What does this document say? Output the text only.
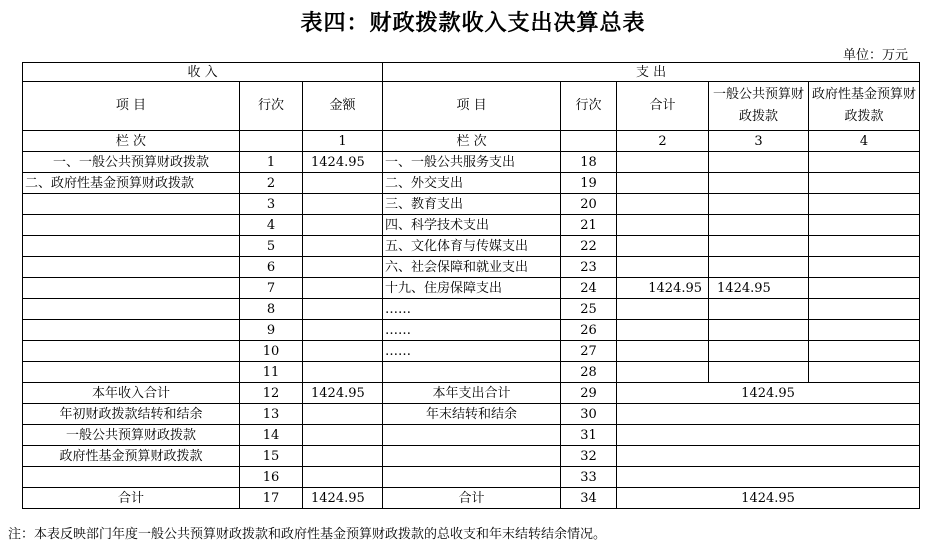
表四：财政拨款收入支出决算总表
单位：万元
收 入			支 出				
项 目	行次	金额	项 目	行次	合计	一般公共预算财政拨款	政府性基金预算财政拨款
栏 次		1	栏 次		2	3	4
一、一般公共预算财政拨款	1	1424.95	一、一般公共服务支出	18			
二、政府性基金预算财政拨款	2		二、外交支出	19			
	3		三、教育支出	20			
	4		四、科学技术支出	21			
	5		五、文化体育与传媒支出	22			
	6		六、社会保障和就业支出	23			
	7		十九、住房保障支出	24	1424.95	1424.95	
	8		……	25			
	9		……	26			
	10		……	27			
	11			28			
本年收入合计	12	1424.95	本年支出合计	29	1424.95		
年初财政拨款结转和结余	13		年末结转和结余	30			
一般公共预算财政拨款	14			31			
政府性基金预算财政拨款	15			32			
	16			33			
合计	17	1424.95	合计	34	1424.95		
注：本表反映部门年度一般公共预算财政拨款和政府性基金预算财政拨款的总收支和年末结转结余情况。
